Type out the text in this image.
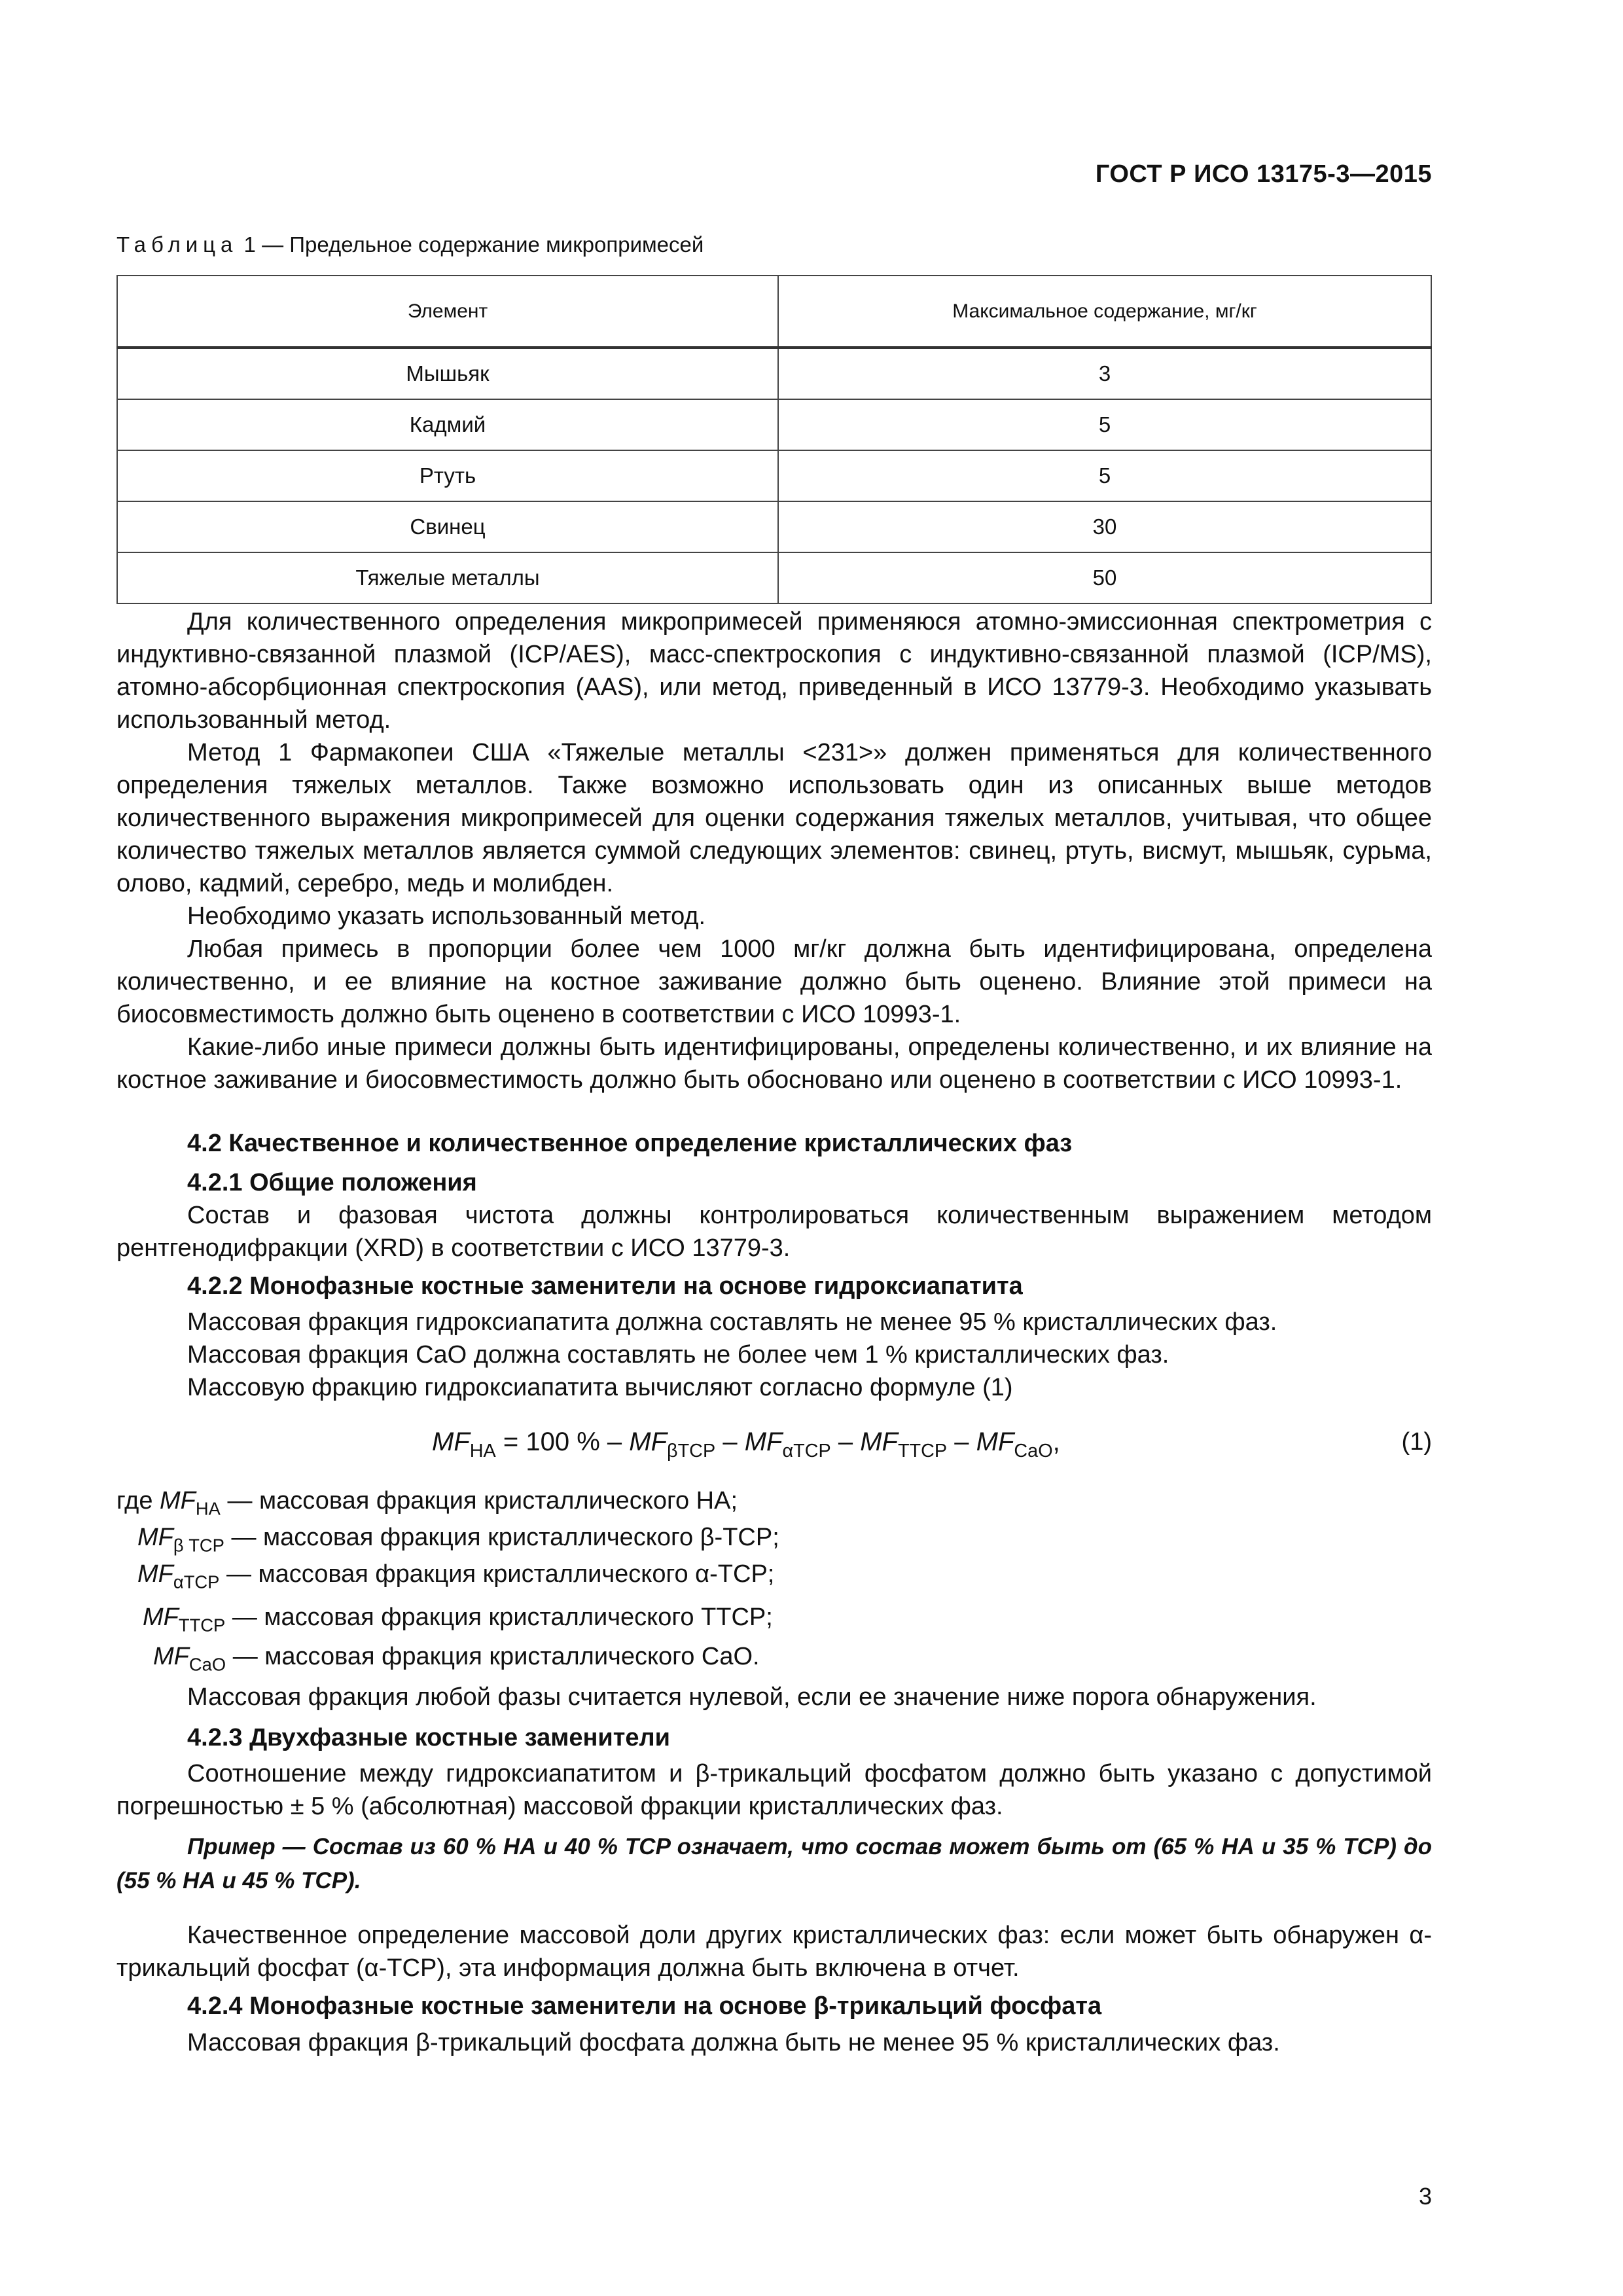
ГОСТ Р ИСО 13175-3—2015
Таблица 1 — Предельное содержание микропримесей
Элемент	Максимальное содержание, мг/кг
Мышьяк	3
Кадмий	5
Ртуть	5
Свинец	30
Тяжелые металлы	50
Для количественного определения микропримесей применяюся атомно-эмиссионная спектрометрия с индуктивно-связанной плазмой (ICP/AES), масс-спектроскопия с индуктивно-связанной плазмой (ICP/MS), атомно-абсорбционная спектроскопия (AAS), или метод, приведенный в ИСО 13779-3. Необходимо указывать использованный метод.
Метод 1 Фармакопеи США «Тяжелые металлы <231>» должен применяться для количественного определения тяжелых металлов. Также возможно использовать один из описанных выше методов количественного выражения микропримесей для оценки содержания тяжелых металлов, учитывая, что общее количество тяжелых металлов является суммой следующих элементов: свинец, ртуть, висмут, мышьяк, сурьма, олово, кадмий, серебро, медь и молибден.
Необходимо указать использованный метод.
Любая примесь в пропорции более чем 1000 мг/кг должна быть идентифицирована, определена количественно, и ее влияние на костное заживание должно быть оценено. Влияние этой примеси на биосовместимость должно быть оценено в соответствии с ИСО 10993-1.
Какие-либо иные примеси должны быть идентифицированы, определены количественно, и их влияние на костное заживание и биосовместимость должно быть обосновано или оценено в соответствии с ИСО 10993-1.
4.2 Качественное и количественное определение кристаллических фаз
4.2.1 Общие положения
Состав и фазовая чистота должны контролироваться количественным выражением методом рентгенодифракции (XRD) в соответствии с ИСО 13779-3.
4.2.2 Монофазные костные заменители на основе гидроксиапатита
Массовая фракция гидроксиапатита должна составлять не менее 95 % кристаллических фаз.
Массовая фракция CaO должна составлять не более чем 1 % кристаллических фаз.
Массовую фракцию гидроксиапатита вычисляют согласно формуле (1)
$MF_{HA} = 100$ % – $MF_{\beta TCP} - MF_{\alpha TCP} - MF_{TTCP} - MF_{CaO}$,	(1)
где $MF_{HA}$ — массовая фракция кристаллического HA;
$MF_{\beta TCP}$ — массовая фракция кристаллического β-TCP;
$MF_{\alpha TCP}$ — массовая фракция кристаллического α-TCP;
$MF_{TTCP}$ — массовая фракция кристаллического TTCP;
$MF_{CaO}$ — массовая фракция кристаллического CaO.
Массовая фракция любой фазы считается нулевой, если ее значение ниже порога обнаружения.
4.2.3 Двухфазные костные заменители
Соотношение между гидроксиапатитом и β-трикальций фосфатом должно быть указано с допустимой погрешностью ± 5 % (абсолютная) массовой фракции кристаллических фаз.
Пример — Состав из 60 % НА и 40 % TCP означает, что состав может быть от (65 % НА и 35 % TCP) до (55 % НА и 45 % TCP).
Качественное определение массовой доли других кристаллических фаз: если может быть обнаружен α-трикальций фосфат (α-TCP), эта информация должна быть включена в отчет.
4.2.4 Монофазные костные заменители на основе β-трикальций фосфата
Массовая фракция β-трикальций фосфата должна быть не менее 95 % кристаллических фаз.
3
